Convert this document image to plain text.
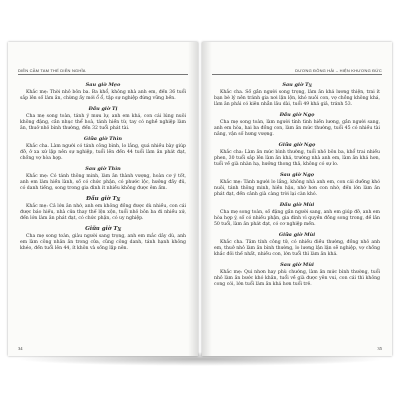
DIỄN CẦM TAM THẾ DIỄN NGHĨA
Sau giờ Mẹo

Khắc mẹ: Thời nhỏ bôn ba. Ba khổ, không nhà anh em, đến 36 tuổi sắp lên số làm ăn, chừng ấy mới ổ ổ, tập sự nghiệp đứng vững bền.

Đầu giờ Tị

Cha mẹ song toàn, tánh ý mưu lự, anh em khá, con cái lúng nuôi không đặng, cần nhục thể hoà, tánh hiền từ, tay có nghề nghiệp làm ăn, thuở nhỏ bình thường, đến 32 tuổi phát tài.

Giữa giờ Thìn

Khắc cha. Làm người có tánh công bình, lo lắng, quá nhiều bày giúp đỡ, ở xa xứ lập nên sự nghiệp, tuổi lên đến 44 tuổi làm ăn phát đạt, chồng vợ hòa hợp.

Sau giờ Thìn

Khắc mẹ: Có tánh thông minh, làm ăn thành vượng, hoàn cơ ý tốt, anh em làm hiền lành, số có chức phận, có phước lộc, hưởng đầy đủ, có danh tiếng, song trong gia đình ít nhiều không được êm ấm.

Đầu giờ Tỵ

Khắc mẹ: Cả lớn ăn nhớ, anh em không đồng được dù nhiều, con cái được báo hiếu, nhà cửa thay thế lộn xộn, tuổi nhỏ bôn ba đi nhiều xứ, đến lớn làm ăn phát đạt, có chức phận, có uy nghiệp.

Giữa giờ Tỵ

Cha mẹ song toàn, giàu người sang trọng, anh em mắc dây dù, anh em làm công nhân ăn trong cửa, cũng công danh, tánh hạnh không khéo, đến tuổi lên 44, ít khôn và sống lập nên.

34
DƯƠNG ĐÔNG HẢI – HIỆN KHƯƠNG ĐỨC
Sau giờ Tỵ

Khắc cha. Số gần người song trọng, làm ăn khá lương thiện, trai ít bạn bè lý nên tránh gia nơi lận lộn, khó nuôi con, vợ chồng không khá, làm ăn phải có kiên nhẫn lâu dài, tuổi 49 khá giả, tránh 53.

Đầu giờ Ngọ

Cha mẹ song toàn, làm người tính tình hiền lương, gần người sang, anh em hòa, hai ba đồng con, làm ăn mức thường, tuổi 45 có nhiều tài năng, vận số hưng vượng.

Giữa giờ Ngọ

Khắc cha: Làm ăn mức bình thường, tuổi nhỏ bôn ba, khổ trai nhiều phen, 30 tuổi sắp lên làm ăn khá, trường nhà anh em, làm ăn khá hơn, tuổi về già nhàn hạ, hưởng thong thả, không có sự lo.

Sau giờ Ngọ

Khắc mẹ: Tánh người lo lắng, không nhà anh em, con cái dưỡng khó nuôi, tánh thông minh, hiền hậu, nhờ hơn con nhờ, đến lớn làm ăn phát đạt, đến cảnh già càng trời lại càn khó.

Đầu giờ Mùi

Cha mẹ song toàn, số đặng gần người sang, anh em giúp đỡ, anh em hòa hợp ý, số có nhiều phận, gia đình vì quyền đồng song trong, đề lăn 50 tuổi, làm ăn phát đạt, có cơ nghiệp mến.

Giữa giờ Mùi

Khắc cha. Tâm tính công tử, có nhiều điều thường, đồng nhỏ anh em, thuở nhỏ làm ăn bình thường, lo lương lận lận sẽ nghiệp, vợ chồng khắc đôi thế nhất, nhiều con, lớn tuổi thì làm ăn khá.

Sau giờ Mùi

Khắc mẹ: Qui nhơn hay phù chướng, làm ăn mức bình thường, tuổi nhỏ làm ăn bước khó khăn, tuổi về già được yên vui, con cái thì không cong cói, lớn tuổi làm ăn khá hơn tuổi trẻ.

35
